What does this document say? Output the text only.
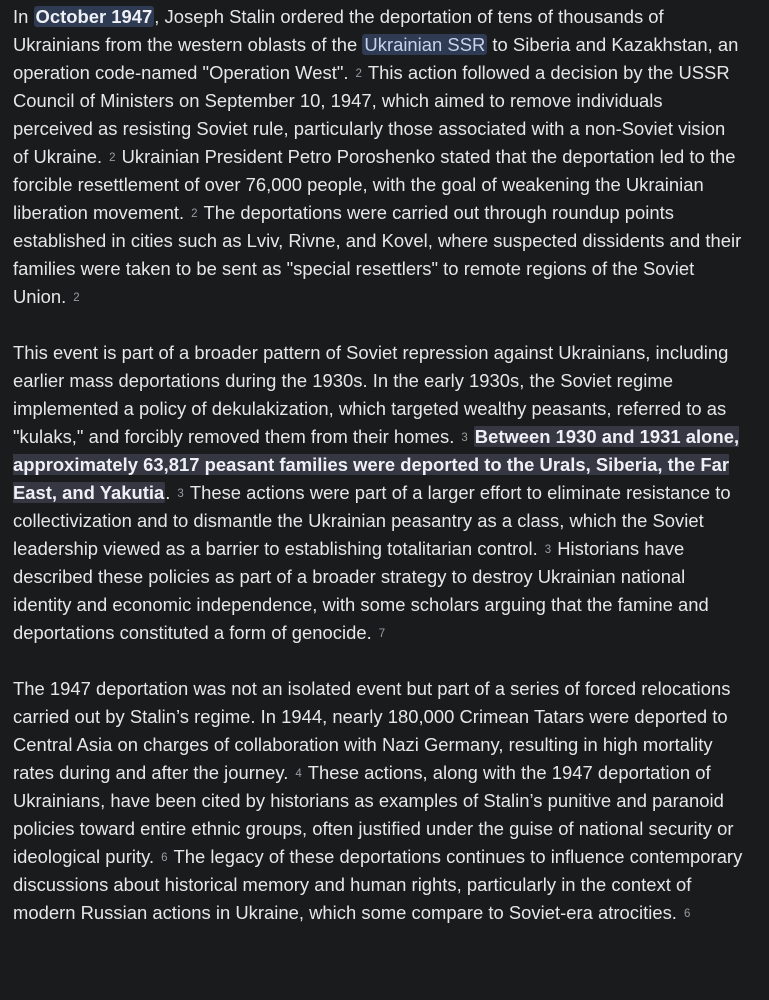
In October 1947 , Joseph Stalin ordered the deportation of tens of thousands of Ukrainians from the western oblasts of the Ukrainian SSR to Siberia and Kazakhstan, an operation code-named "Operation West". 2 This action followed a decision by the USSR Council of Ministers on September 10, 1947, which aimed to remove individuals perceived as resisting Soviet rule, particularly those associated with a non-Soviet vision of Ukraine. 2 Ukrainian President Petro Poroshenko stated that the deportation led to the forcible resettlement of over 76,000 people, with the goal of weakening the Ukrainian liberation movement. 2 The deportations were carried out through roundup points established in cities such as Lviv, Rivne, and Kovel, where suspected dissidents and their families were taken to be sent as "special resettlers" to remote regions of the Soviet Union. 2

This event is part of a broader pattern of Soviet repression against Ukrainians, including earlier mass deportations during the 1930s. In the early 1930s, the Soviet regime implemented a policy of dekulakization, which targeted wealthy peasants, referred to as "kulaks," and forcibly removed them from their homes. 3 Between 1930 and 1931 alone, approximately 63,817 peasant families were deported to the Urals, Siberia, the Far East, and Yakutia. 3 These actions were part of a larger effort to eliminate resistance to collectivization and to dismantle the Ukrainian peasantry as a class, which the Soviet leadership viewed as a barrier to establishing totalitarian control. 3 Historians have described these policies as part of a broader strategy to destroy Ukrainian national identity and economic independence, with some scholars arguing that the famine and deportations constituted a form of genocide. 7

The 1947 deportation was not an isolated event but part of a series of forced relocations carried out by Stalin’s regime. In 1944, nearly 180,000 Crimean Tatars were deported to Central Asia on charges of collaboration with Nazi Germany, resulting in high mortality rates during and after the journey. 4 These actions, along with the 1947 deportation of Ukrainians, have been cited by historians as examples of Stalin’s punitive and paranoid policies toward entire ethnic groups, often justified under the guise of national security or ideological purity. 6 The legacy of these deportations continues to influence contemporary discussions about historical memory and human rights, particularly in the context of modern Russian actions in Ukraine, which some compare to Soviet-era atrocities. 6
